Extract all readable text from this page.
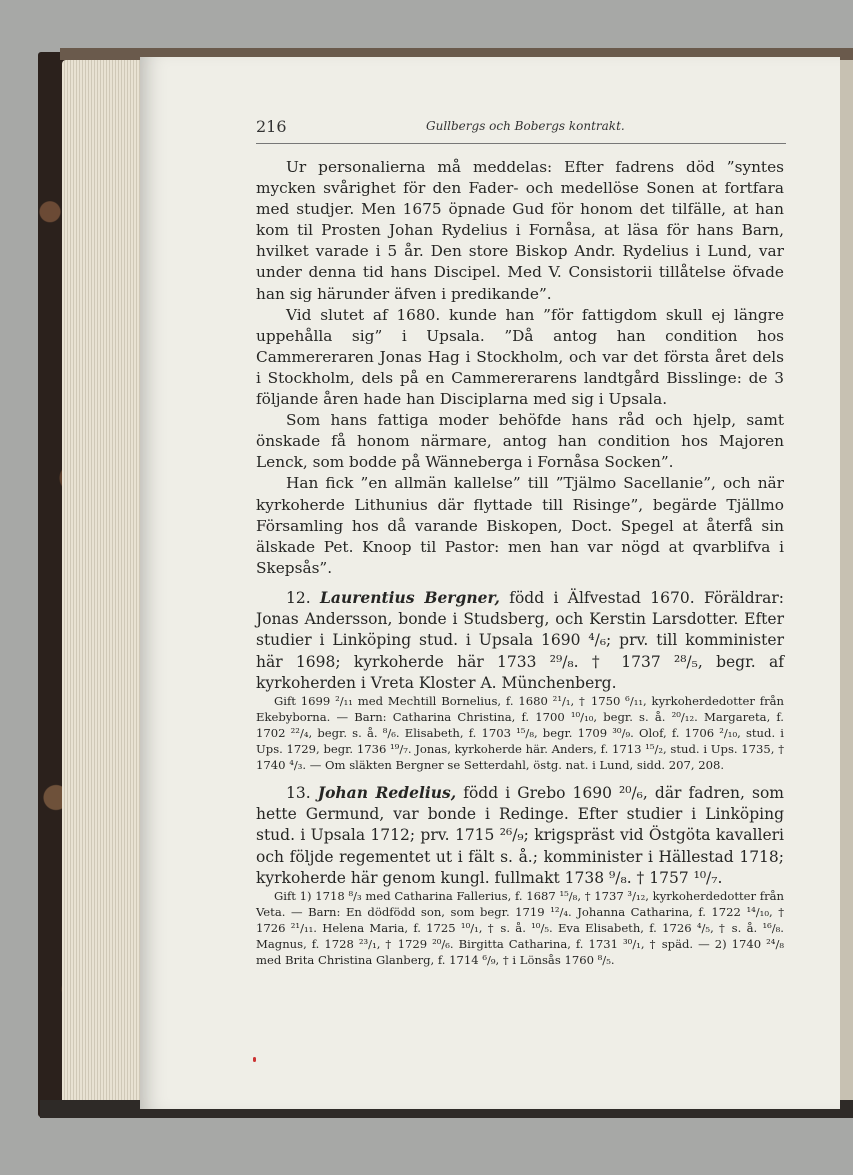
216	Gullbergs och Bobergs kontrakt.

Ur personalierna må meddelas: Efter fadrens död ”syntes mycken svårighet för den Fader- och medellöse Sonen at fortfara med studjer. Men 1675 öpnade Gud för honom det tilfälle, at han kom til Prosten Johan Rydelius i Fornåsa, at läsa för hans Barn, hvilket varade i 5 år. Den store Biskop Andr. Rydelius i Lund, var under denna tid hans Discipel. Med V. Consistorii tillåtelse öfvade han sig härunder äfven i predikande”.

Vid slutet af 1680. kunde han ”för fattigdom skull ej längre uppehålla sig” i Upsala. ”Då antog han condition hos Cammereraren Jonas Hag i Stockholm, och var det första året dels i Stockholm, dels på en Cammererarens landtgård Bisslinge: de 3 följande åren hade han Disciplarna med sig i Upsala.

Som hans fattiga moder behöfde hans råd och hjelp, samt önskade få honom närmare, antog han condition hos Majoren Lenck, som bodde på Wänneberga i Fornåsa Socken”.

Han fick ”en allmän kallelse” till ”Tjälmo Sacellanie”, och när kyrkoherde Lithunius där flyttade till Risinge”, begärde Tjällmo Församling hos då varande Biskopen, Doct. Spegel at återfå sin älskade Pet. Knoop til Pastor: men han var nögd at qvarblifva i Skepsås”.

12. Laurentius Bergner, född i Älfvestad 1670. Föräldrar: Jonas Andersson, bonde i Studsberg, och Kerstin Larsdotter. Efter studier i Linköping stud. i Upsala 1690 ⁴/₆; prv. till komminister här 1698; kyrkoherde här 1733 ²⁹/₈. † 1737 ²⁸/₅, begr. af kyrkoherden i Vreta Kloster A. Münchenberg.

Gift 1699 ²/₁₁ med Mechtill Bornelius, f. 1680 ²¹/₁, † 1750 ⁶/₁₁, kyrkoherdedotter från Ekebyborna. — Barn: Catharina Christina, f. 1700 ¹⁰/₁₀, begr. s. å. ²⁰/₁₂. Margareta, f. 1702 ²²/₄, begr. s. å. ⁸/₆. Elisabeth, f. 1703 ¹⁵/₈, begr. 1709 ³⁰/₉. Olof, f. 1706 ²/₁₀, stud. i Ups. 1729, begr. 1736 ¹⁹/₇. Jonas, kyrkoherde här. Anders, f. 1713 ¹⁵/₂, stud. i Ups. 1735, † 1740 ⁴/₃. — Om släkten Bergner se Setterdahl, östg. nat. i Lund, sidd. 207, 208.

13. Johan Redelius, född i Grebo 1690 ²⁰/₆, där fadren, som hette Germund, var bonde i Redinge. Efter studier i Linköping stud. i Upsala 1712; prv. 1715 ²⁶/₉; krigspräst vid Östgöta kavalleri och följde regementet ut i fält s. å.; komminister i Hällestad 1718; kyrkoherde här genom kungl. fullmakt 1738 ⁹/₈. † 1757 ¹⁰/₇.

Gift 1) 1718 ⁸/₃ med Catharina Fallerius, f. 1687 ¹⁵/₈, † 1737 ³/₁₂, kyrkoherdedotter från Veta. — Barn: En dödfödd son, som begr. 1719 ¹²/₄. Johanna Catharina, f. 1722 ¹⁴/₁₀, † 1726 ²¹/₁₁. Helena Maria, f. 1725 ¹⁰/₁, † s. å. ¹⁰/₅. Eva Elisabeth, f. 1726 ⁴/₅, † s. å. ¹⁶/₈. Magnus, f. 1728 ²³/₁, † 1729 ²⁰/₆. Birgitta Catharina, f. 1731 ³⁰/₁, † späd. — 2) 1740 ²⁴/₈ med Brita Christina Glanberg, f. 1714 ⁶/₉, † i Lönsås 1760 ⁸/₅.
